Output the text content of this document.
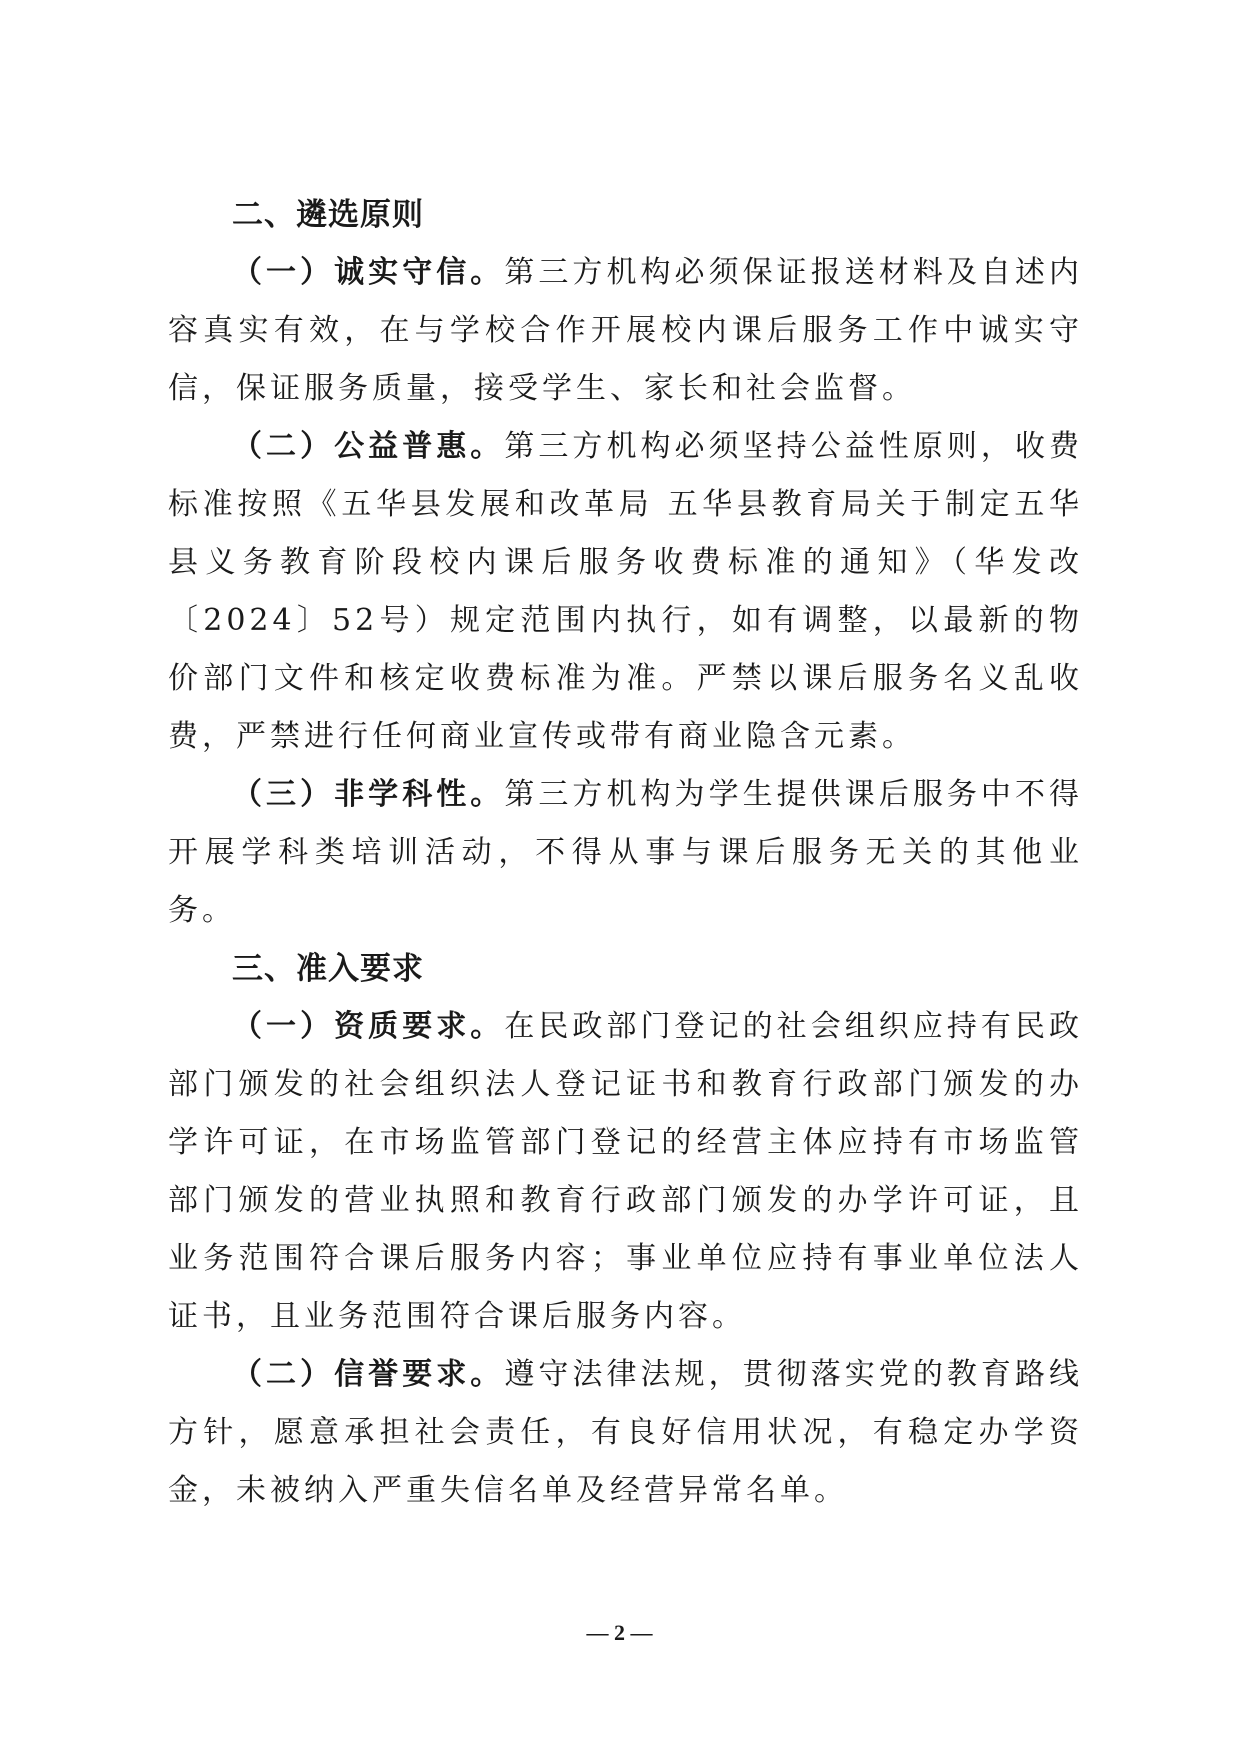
二、遴选原则

（一）诚实守信。第三方机构必须保证报送材料及自述内容真实有效，在与学校合作开展校内课后服务工作中诚实守信，保证服务质量，接受学生、家长和社会监督。

（二）公益普惠。第三方机构必须坚持公益性原则，收费标准按照《五华县发展和改革局 五华县教育局关于制定五华县义务教育阶段校内课后服务收费标准的通知》（华发改〔2024〕52号）规定范围内执行，如有调整，以最新的物价部门文件和核定收费标准为准。严禁以课后服务名义乱收费，严禁进行任何商业宣传或带有商业隐含元素。

（三）非学科性。第三方机构为学生提供课后服务中不得开展学科类培训活动，不得从事与课后服务无关的其他业务。

三、准入要求

（一）资质要求。在民政部门登记的社会组织应持有民政部门颁发的社会组织法人登记证书和教育行政部门颁发的办学许可证，在市场监管部门登记的经营主体应持有市场监管部门颁发的营业执照和教育行政部门颁发的办学许可证，且业务范围符合课后服务内容；事业单位应持有事业单位法人证书，且业务范围符合课后服务内容。

（二）信誉要求。遵守法律法规，贯彻落实党的教育路线方针，愿意承担社会责任，有良好信用状况，有稳定办学资金，未被纳入严重失信名单及经营异常名单。

— 2 —
